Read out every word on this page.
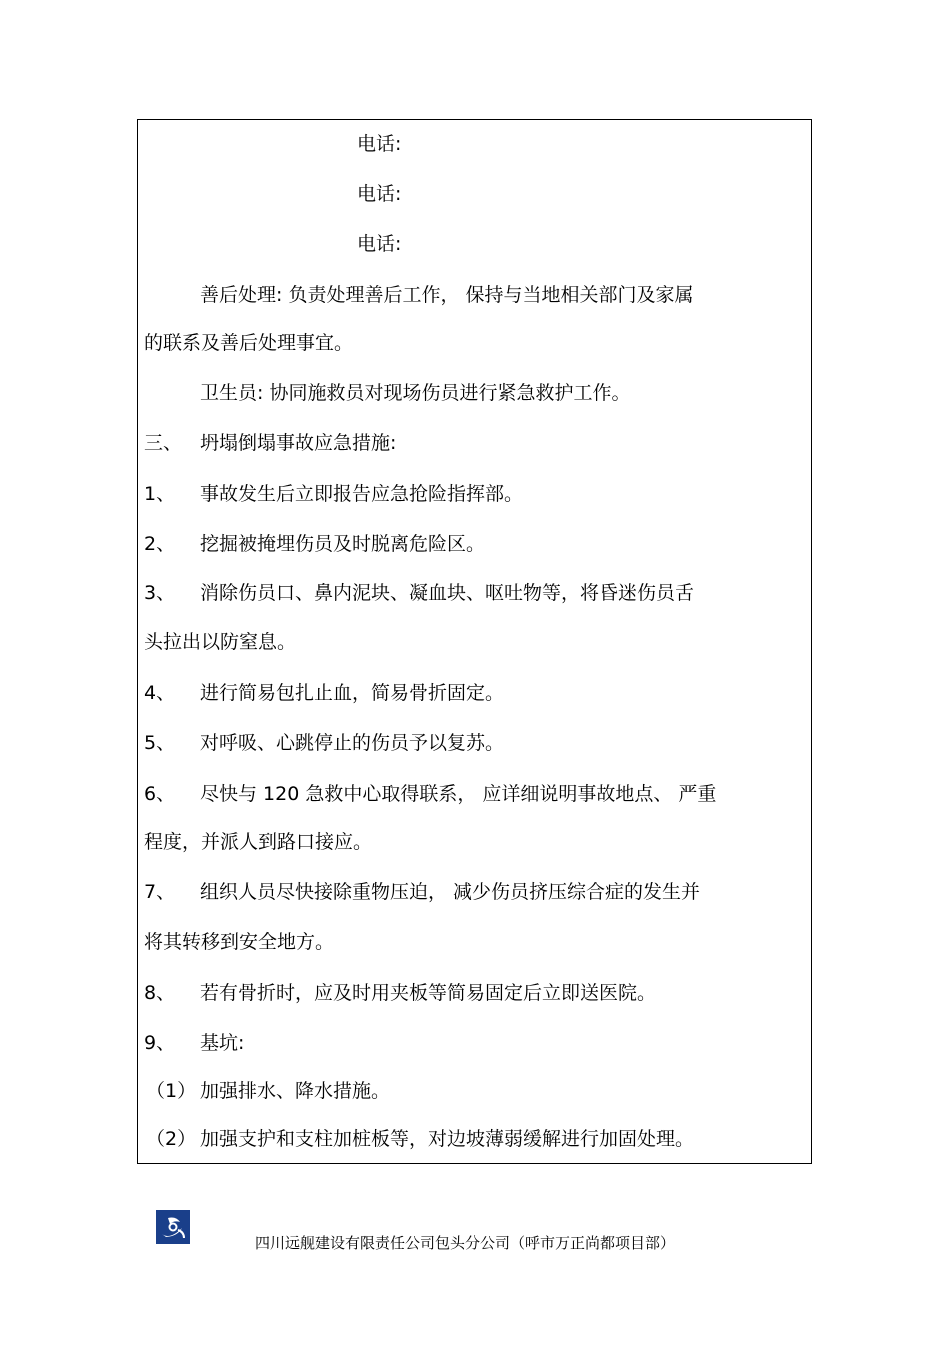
电话:
电话:
电话:
善后处理: 负责处理善后工作， 保持与当地相关部门及家属
的联系及善后处理事宜。
卫生员: 协同施救员对现场伤员进行紧急救护工作。
三、 坍塌倒塌事故应急措施:
1、 事故发生后立即报告应急抢险指挥部。
2、 挖掘被掩埋伤员及时脱离危险区。
3、 消除伤员口、鼻内泥块、凝血块、呕吐物等，将昏迷伤员舌
头拉出以防窒息。
4、 进行简易包扎止血，简易骨折固定。
5、 对呼吸、心跳停止的伤员予以复苏。
6、 尽快与 120 急救中心取得联系， 应详细说明事故地点、 严重
程度，并派人到路口接应。
7、 组织人员尽快接除重物压迫， 减少伤员挤压综合症的发生并
将其转移到安全地方。
8、 若有骨折时，应及时用夹板等简易固定后立即送医院。
9、 基坑:
（1） 加强排水、降水措施。
（2） 加强支护和支柱加桩板等，对边坡薄弱缓解进行加固处理。
四川远舰建设有限责任公司包头分公司（呼市万正尚都项目部）
